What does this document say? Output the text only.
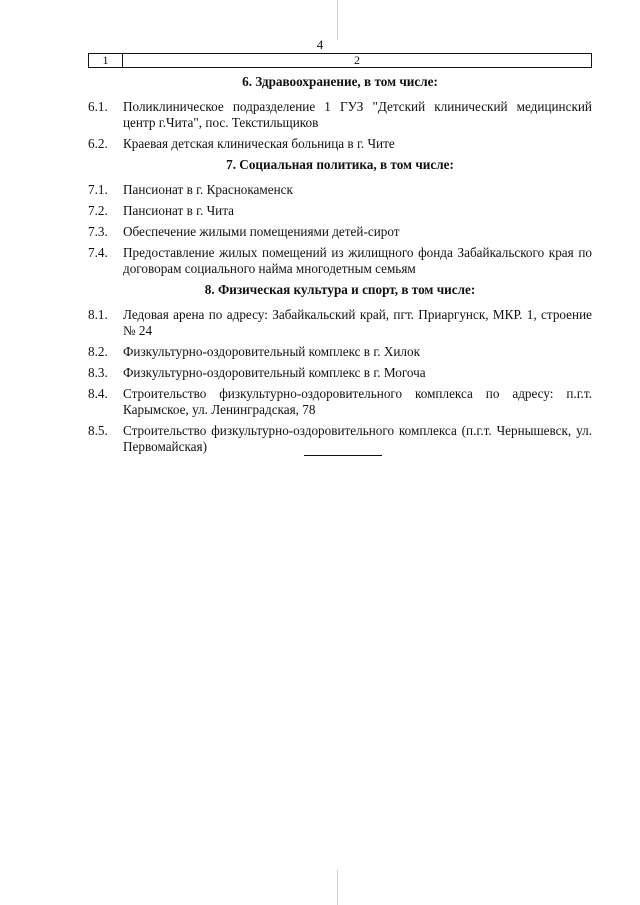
4
1	2
6. Здравоохранение, в том числе:
6.1.	Поликлиническое подразделение 1 ГУЗ "Детский клинический медицинский центр г.Чита", пос. Текстильщиков
6.2.	Краевая детская клиническая больница в г. Чите
7. Социальная политика, в том числе:
7.1.	Пансионат в г. Краснокаменск
7.2.	Пансионат в г. Чита
7.3.	Обеспечение жилыми помещениями детей-сирот
7.4.	Предоставление жилых помещений из жилищного фонда Забайкальского края по договорам социального найма многодетным семьям
8. Физическая культура и спорт, в том числе:
8.1.	Ледовая арена по адресу: Забайкальский край, пгт. Приаргунск, МКР. 1, строение № 24
8.2.	Физкультурно-оздоровительный комплекс в г. Хилок
8.3.	Физкультурно-оздоровительный комплекс в г. Могоча
8.4.	Строительство физкультурно-оздоровительного комплекса по адресу: п.г.т. Карымское, ул. Ленинградская, 78
8.5.	Строительство физкультурно-оздоровительного комплекса (п.г.т. Чернышевск, ул. Первомайская)
